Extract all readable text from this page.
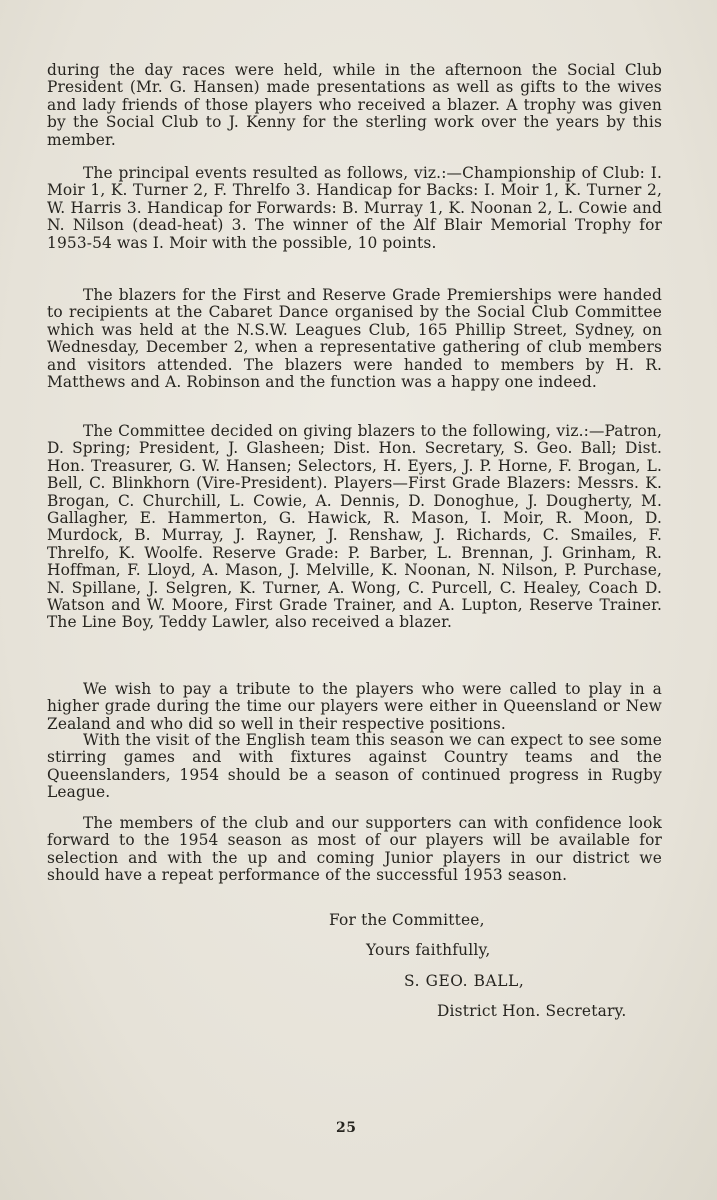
during the day races were held, while in the afternoon the Social Club President (Mr. G. Hansen) made presentations as well as gifts to the wives and lady friends of those players who received a blazer. A trophy was given by the Social Club to J. Kenny for the sterling work over the years by this member.

The principal events resulted as follows, viz.:—Championship of Club: I. Moir 1, K. Turner 2, F. Threlfo 3. Handicap for Backs: I. Moir 1, K. Turner 2, W. Harris 3. Handicap for Forwards: B. Murray 1, K. Noonan 2, L. Cowie and N. Nilson (dead-heat) 3. The winner of the Alf Blair Memorial Trophy for 1953-54 was I. Moir with the possible, 10 points.

The blazers for the First and Reserve Grade Premierships were handed to recipients at the Cabaret Dance organised by the Social Club Committee which was held at the N.S.W. Leagues Club, 165 Phillip Street, Sydney, on Wednesday, December 2, when a representative gathering of club members and visitors attended. The blazers were handed to members by H. R. Matthews and A. Robinson and the function was a happy one indeed.

The Committee decided on giving blazers to the following, viz.:—Patron, D. Spring; President, J. Glasheen; Dist. Hon. Secretary, S. Geo. Ball; Dist. Hon. Treasurer, G. W. Hansen; Selectors, H. Eyers, J. P. Horne, F. Brogan, L. Bell, C. Blinkhorn (Vire-President). Players—First Grade Blazers: Messrs. K. Brogan, C. Churchill, L. Cowie, A. Dennis, D. Donoghue, J. Dougherty, M. Gallagher, E. Hammerton, G. Hawick, R. Mason, I. Moir, R. Moon, D. Murdock, B. Murray, J. Rayner, J. Renshaw, J. Richards, C. Smailes, F. Threlfo, K. Woolfe. Reserve Grade: P. Barber, L. Brennan, J. Grinham, R. Hoffman, F. Lloyd, A. Mason, J. Melville, K. Noonan, N. Nilson, P. Purchase, N. Spillane, J. Selgren, K. Turner, A. Wong, C. Purcell, C. Healey, Coach D. Watson and W. Moore, First Grade Trainer, and A. Lupton, Reserve Trainer. The Line Boy, Teddy Lawler, also received a blazer.

We wish to pay a tribute to the players who were called to play in a higher grade during the time our players were either in Queensland or New Zealand and who did so well in their respective positions.

With the visit of the English team this season we can expect to see some stirring games and with fixtures against Country teams and the Queenslanders, 1954 should be a season of continued progress in Rugby League.

The members of the club and our supporters can with confidence look forward to the 1954 season as most of our players will be available for selection and with the up and coming Junior players in our district we should have a repeat performance of the successful 1953 season.

For the Committee,
Yours faithfully,
S. GEO. BALL,
District Hon. Secretary.
25
